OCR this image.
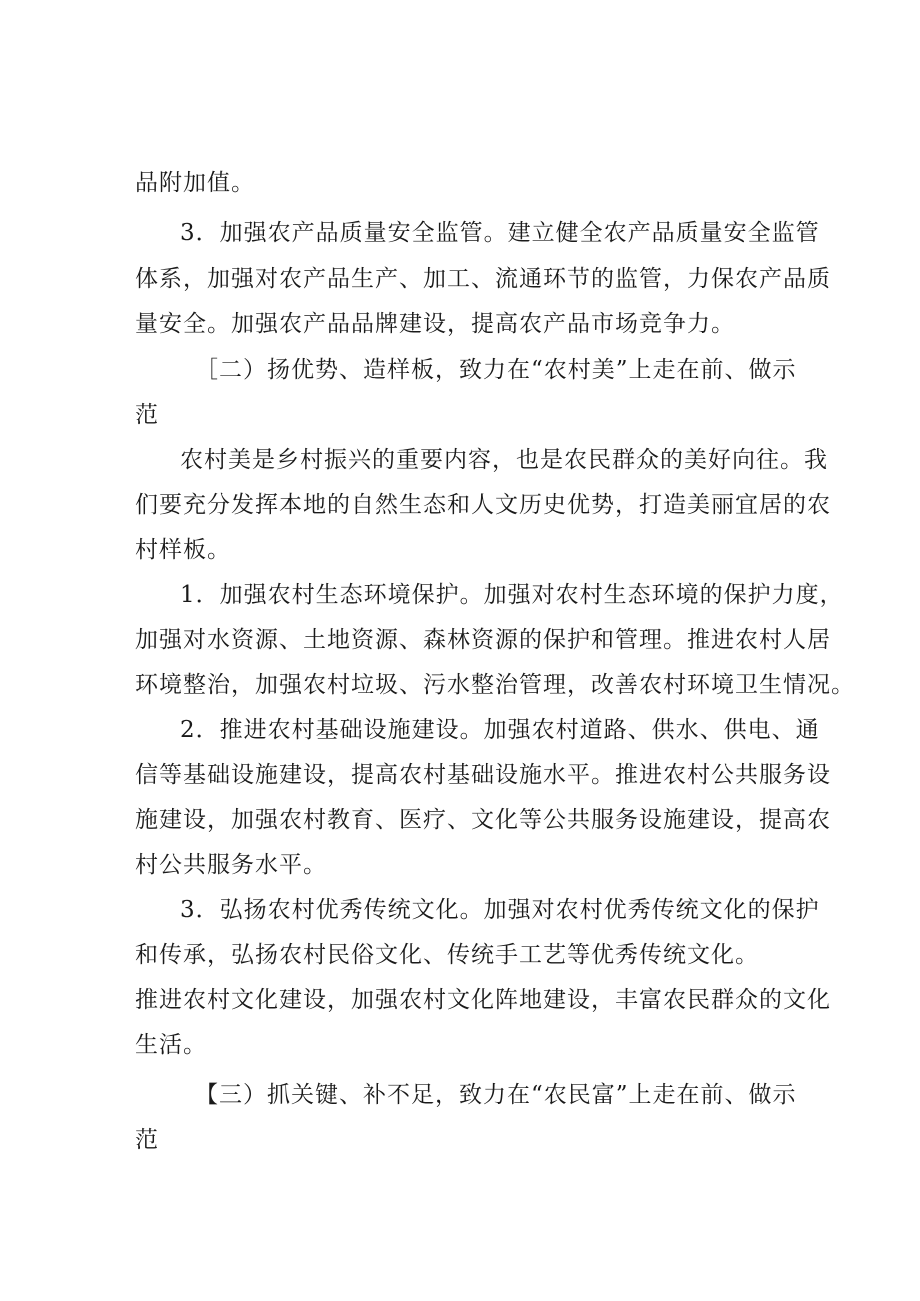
品附加值。
3．加强农产品质量安全监管。建立健全农产品质量安全监管
体系，加强对农产品生产、加工、流通环节的监管，力保农产品质
量安全。加强农产品品牌建设，提高农产品市场竞争力。
［二）扬优势、造样板，致力在“农村美”上走在前、做示
范
农村美是乡村振兴的重要内容，也是农民群众的美好向往。我
们要充分发挥本地的自然生态和人文历史优势，打造美丽宜居的农
村样板。
1．加强农村生态环境保护。加强对农村生态环境的保护力度，
加强对水资源、土地资源、森林资源的保护和管理。推进农村人居
环境整治，加强农村垃圾、污水整治管理，改善农村环境卫生情况。
2．推进农村基础设施建设。加强农村道路、供水、供电、通
信等基础设施建设，提高农村基础设施水平。推进农村公共服务设
施建设，加强农村教育、医疗、文化等公共服务设施建设，提高农
村公共服务水平。
3．弘扬农村优秀传统文化。加强对农村优秀传统文化的保护
和传承，弘扬农村民俗文化、传统手工艺等优秀传统文化。
推进农村文化建设，加强农村文化阵地建设，丰富农民群众的文化
生活。
【三）抓关键、补不足，致力在“农民富”上走在前、做示
范
